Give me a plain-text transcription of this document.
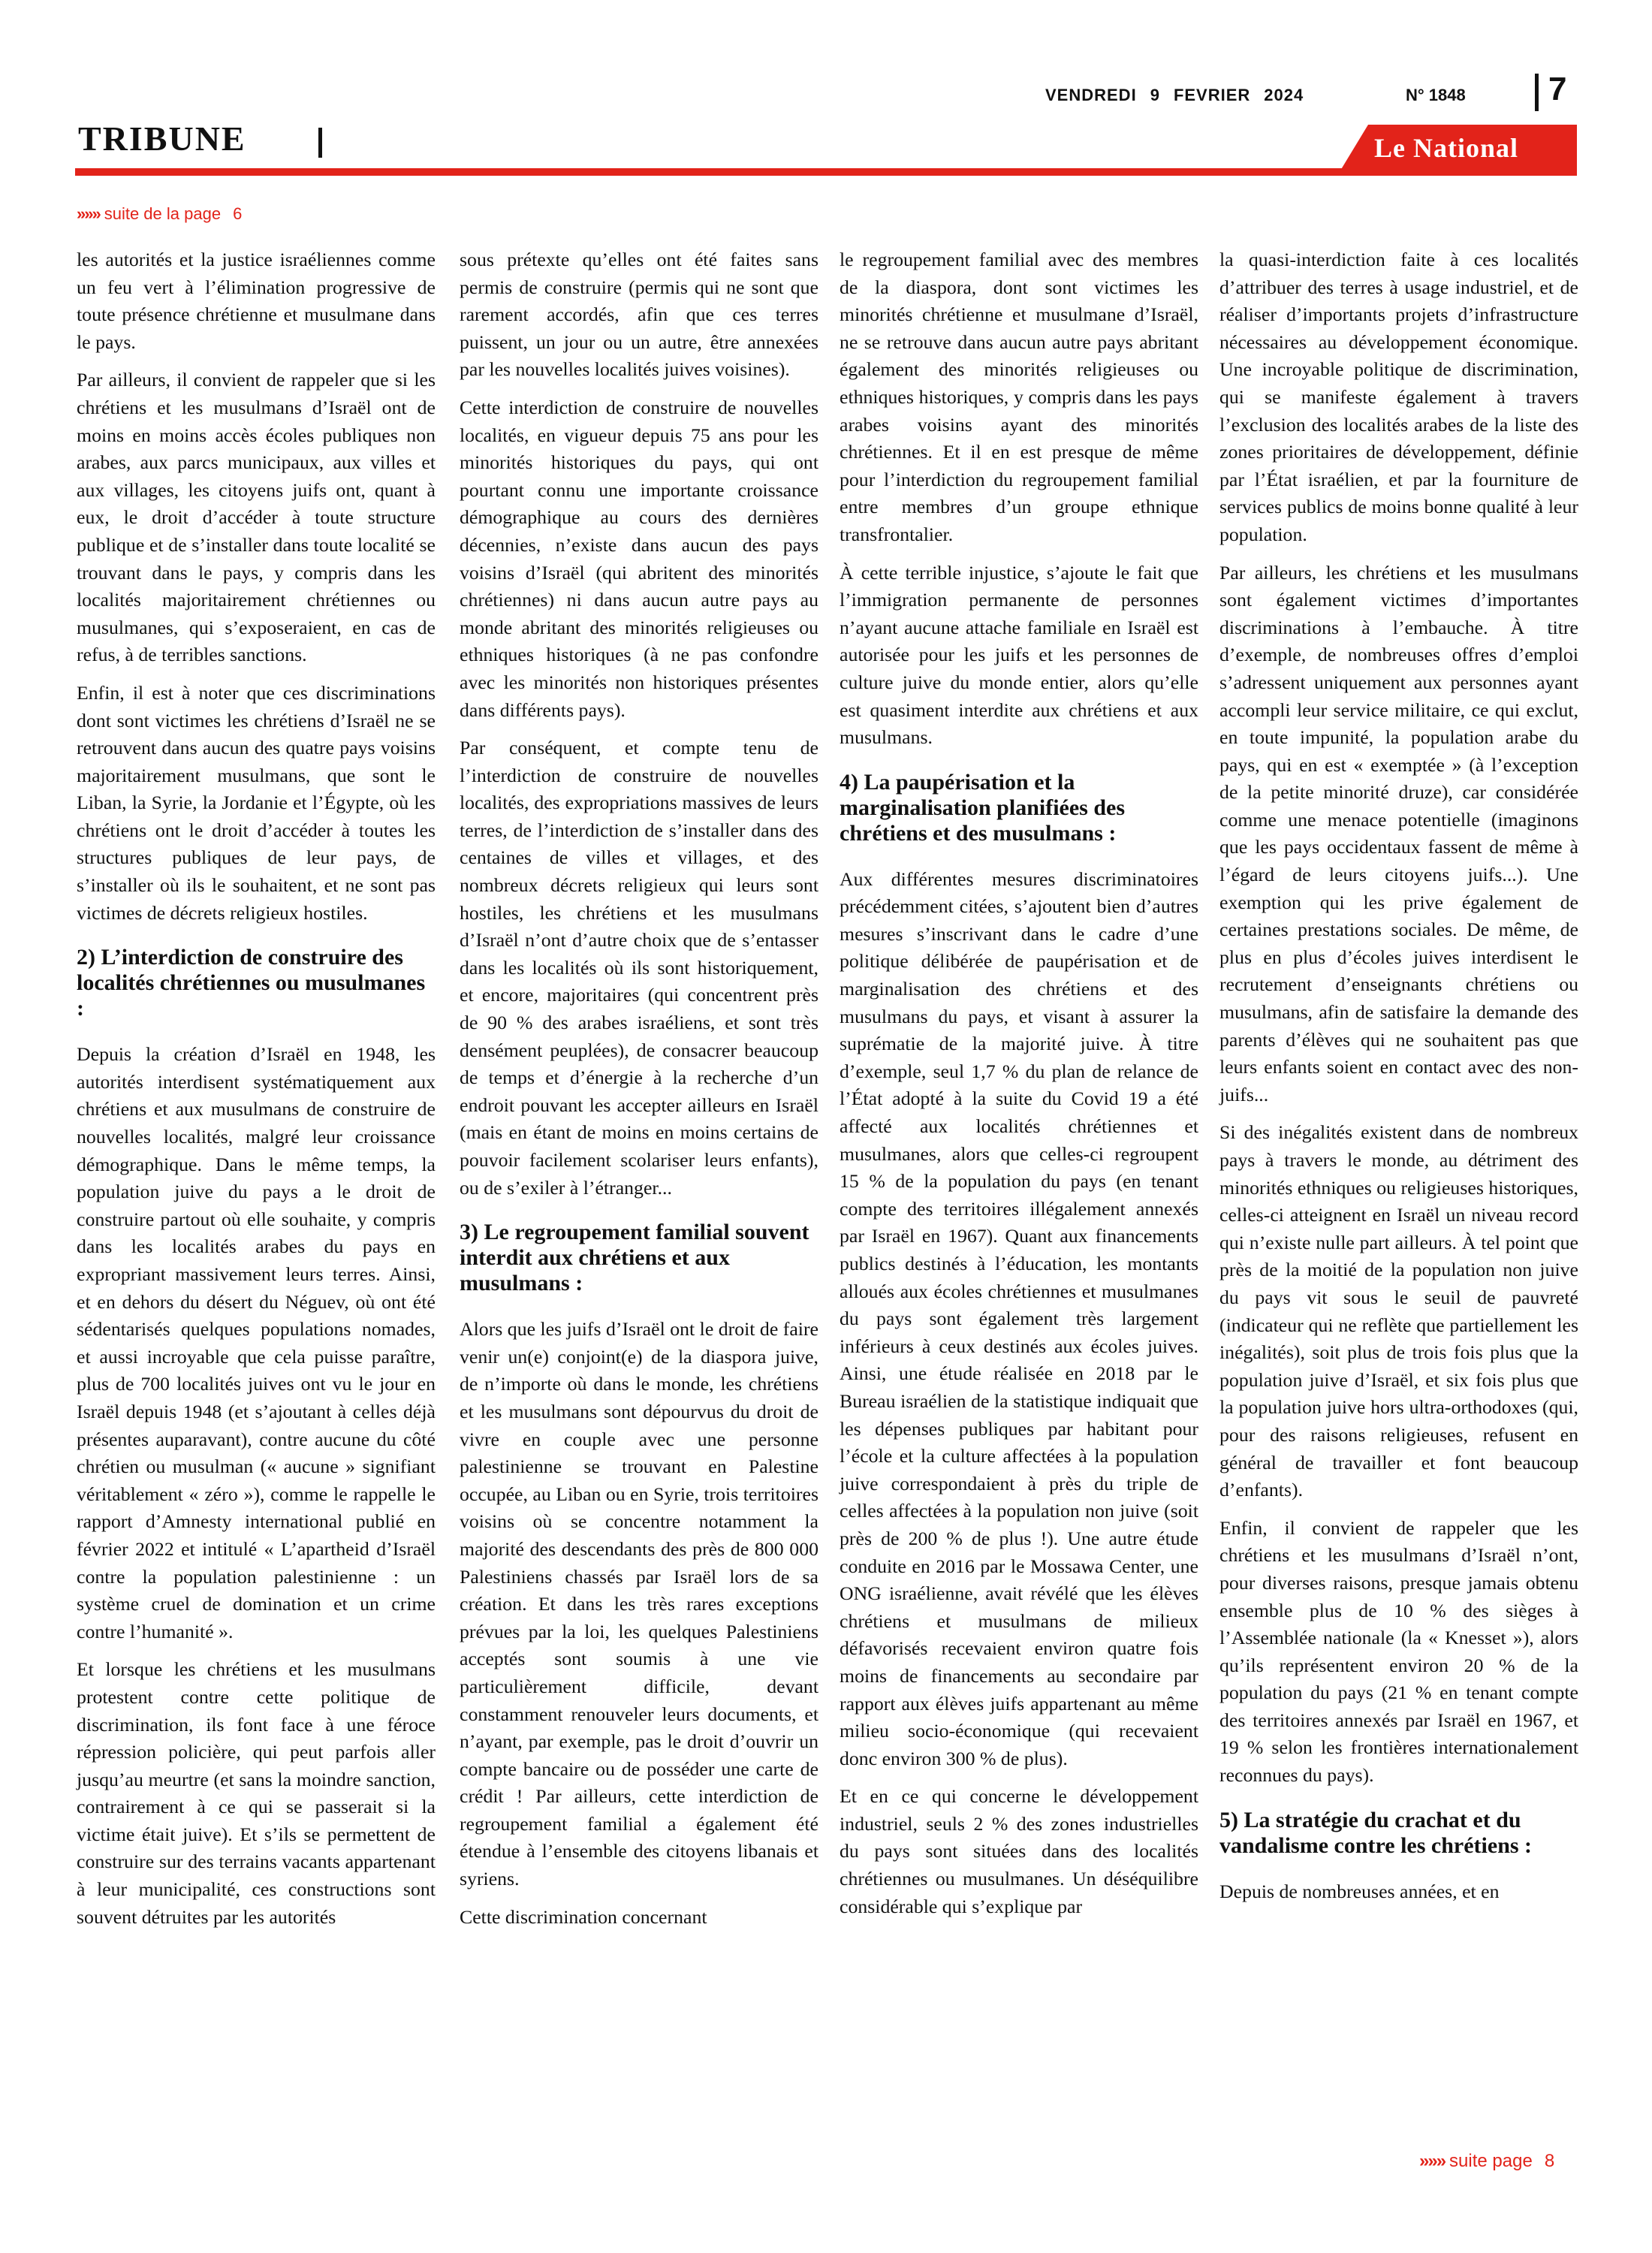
VENDREDI 9 FEVRIER 2024	N° 1848	7
TRIBUNE	Le National
»»» suite de la page 6

les autorités et la justice israéliennes comme un feu vert à l’élimination progressive de toute présence chrétienne et musulmane dans le pays.

Par ailleurs, il convient de rappeler que si les chrétiens et les musulmans d’Israël ont de moins en moins accès écoles publiques non arabes, aux parcs municipaux, aux villes et aux villages, les citoyens juifs ont, quant à eux, le droit d’accéder à toute structure publique et de s’installer dans toute localité se trouvant dans le pays, y compris dans les localités majoritairement chrétiennes ou musulmanes, qui s’exposeraient, en cas de refus, à de terribles sanctions.

Enfin, il est à noter que ces discriminations dont sont victimes les chrétiens d’Israël ne se retrouvent dans aucun des quatre pays voisins majoritairement musulmans, que sont le Liban, la Syrie, la Jordanie et l’Égypte, où les chrétiens ont le droit d’accéder à toutes les structures publiques de leur pays, de s’installer où ils le souhaitent, et ne sont pas victimes de décrets religieux hostiles.

2) L’interdiction de construire des localités chrétiennes ou musulmanes :

Depuis la création d’Israël en 1948, les autorités interdisent systématiquement aux chrétiens et aux musulmans de construire de nouvelles localités, malgré leur croissance démographique. Dans le même temps, la population juive du pays a le droit de construire partout où elle souhaite, y compris dans les localités arabes du pays en expropriant massivement leurs terres. Ainsi, et en dehors du désert du Néguev, où ont été sédentarisés quelques populations nomades, et aussi incroyable que cela puisse paraître, plus de 700 localités juives ont vu le jour en Israël depuis 1948 (et s’ajoutant à celles déjà présentes auparavant), contre aucune du côté chrétien ou musulman (« aucune » signifiant véritablement « zéro »), comme le rappelle le rapport d’Amnesty international publié en février 2022 et intitulé « L’apartheid d’Israël contre la population palestinienne : un système cruel de domination et un crime contre l’humanité ».

Et lorsque les chrétiens et les musulmans protestent contre cette politique de discrimination, ils font face à une féroce répression policière, qui peut parfois aller jusqu’au meurtre (et sans la moindre sanction, contrairement à ce qui se passerait si la victime était juive). Et s’ils se permettent de construire sur des terrains vacants appartenant à leur municipalité, ces constructions sont souvent détruites par les autorités

sous prétexte qu’elles ont été faites sans permis de construire (permis qui ne sont que rarement accordés, afin que ces terres puissent, un jour ou un autre, être annexées par les nouvelles localités juives voisines).

Cette interdiction de construire de nouvelles localités, en vigueur depuis 75 ans pour les minorités historiques du pays, qui ont pourtant connu une importante croissance démographique au cours des dernières décennies, n’existe dans aucun des pays voisins d’Israël (qui abritent des minorités chrétiennes) ni dans aucun autre pays au monde abritant des minorités religieuses ou ethniques historiques (à ne pas confondre avec les minorités non historiques présentes dans différents pays).

Par conséquent, et compte tenu de l’interdiction de construire de nouvelles localités, des expropriations massives de leurs terres, de l’interdiction de s’installer dans des centaines de villes et villages, et des nombreux décrets religieux qui leurs sont hostiles, les chrétiens et les musulmans d’Israël n’ont d’autre choix que de s’entasser dans les localités où ils sont historiquement, et encore, majoritaires (qui concentrent près de 90 % des arabes israéliens, et sont très densément peuplées), de consacrer beaucoup de temps et d’énergie à la recherche d’un endroit pouvant les accepter ailleurs en Israël (mais en étant de moins en moins certains de pouvoir facilement scolariser leurs enfants), ou de s’exiler à l’étranger...

3) Le regroupement familial souvent interdit aux chrétiens et aux musulmans :

Alors que les juifs d’Israël ont le droit de faire venir un(e) conjoint(e) de la diaspora juive, de n’importe où dans le monde, les chrétiens et les musulmans sont dépourvus du droit de vivre en couple avec une personne palestinienne se trouvant en Palestine occupée, au Liban ou en Syrie, trois territoires voisins où se concentre notamment la majorité des descendants des près de 800 000 Palestiniens chassés par Israël lors de sa création. Et dans les très rares exceptions prévues par la loi, les quelques Palestiniens acceptés sont soumis à une vie particulièrement difficile, devant constamment renouveler leurs documents, et n’ayant, par exemple, pas le droit d’ouvrir un compte bancaire ou de posséder une carte de crédit ! Par ailleurs, cette interdiction de regroupement familial a également été étendue à l’ensemble des citoyens libanais et syriens.

Cette discrimination concernant

le regroupement familial avec des membres de la diaspora, dont sont victimes les minorités chrétienne et musulmane d’Israël, ne se retrouve dans aucun autre pays abritant également des minorités religieuses ou ethniques historiques, y compris dans les pays arabes voisins ayant des minorités chrétiennes. Et il en est presque de même pour l’interdiction du regroupement familial entre membres d’un groupe ethnique transfrontalier.

À cette terrible injustice, s’ajoute le fait que l’immigration permanente de personnes n’ayant aucune attache familiale en Israël est autorisée pour les juifs et les personnes de culture juive du monde entier, alors qu’elle est quasiment interdite aux chrétiens et aux musulmans.

4) La paupérisation et la marginalisation planifiées des chrétiens et des musulmans :

Aux différentes mesures discriminatoires précédemment citées, s’ajoutent bien d’autres mesures s’inscrivant dans le cadre d’une politique délibérée de paupérisation et de marginalisation des chrétiens et des musulmans du pays, et visant à assurer la suprématie de la majorité juive. À titre d’exemple, seul 1,7 % du plan de relance de l’État adopté à la suite du Covid 19 a été affecté aux localités chrétiennes et musulmanes, alors que celles-ci regroupent 15 % de la population du pays (en tenant compte des territoires illégalement annexés par Israël en 1967). Quant aux financements publics destinés à l’éducation, les montants alloués aux écoles chrétiennes et musulmanes du pays sont également très largement inférieurs à ceux destinés aux écoles juives. Ainsi, une étude réalisée en 2018 par le Bureau israélien de la statistique indiquait que les dépenses publiques par habitant pour l’école et la culture affectées à la population juive correspondaient à près du triple de celles affectées à la population non juive (soit près de 200 % de plus !). Une autre étude conduite en 2016 par le Mossawa Center, une ONG israélienne, avait révélé que les élèves chrétiens et musulmans de milieux défavorisés recevaient environ quatre fois moins de financements au secondaire par rapport aux élèves juifs appartenant au même milieu socio-économique (qui recevaient donc environ 300 % de plus).

Et en ce qui concerne le développement industriel, seuls 2 % des zones industrielles du pays sont situées dans des localités chrétiennes ou musulmanes. Un déséquilibre considérable qui s’explique par

la quasi-interdiction faite à ces localités d’attribuer des terres à usage industriel, et de réaliser d’importants projets d’infrastructure nécessaires au développement économique. Une incroyable politique de discrimination, qui se manifeste également à travers l’exclusion des localités arabes de la liste des zones prioritaires de développement, définie par l’État israélien, et par la fourniture de services publics de moins bonne qualité à leur population.

Par ailleurs, les chrétiens et les musulmans sont également victimes d’importantes discriminations à l’embauche. À titre d’exemple, de nombreuses offres d’emploi s’adressent uniquement aux personnes ayant accompli leur service militaire, ce qui exclut, en toute impunité, la population arabe du pays, qui en est « exemptée » (à l’exception de la petite minorité druze), car considérée comme une menace potentielle (imaginons que les pays occidentaux fassent de même à l’égard de leurs citoyens juifs...). Une exemption qui les prive également de certaines prestations sociales. De même, de plus en plus d’écoles juives interdisent le recrutement d’enseignants chrétiens ou musulmans, afin de satisfaire la demande des parents d’élèves qui ne souhaitent pas que leurs enfants soient en contact avec des non-juifs...

Si des inégalités existent dans de nombreux pays à travers le monde, au détriment des minorités ethniques ou religieuses historiques, celles-ci atteignent en Israël un niveau record qui n’existe nulle part ailleurs. À tel point que près de la moitié de la population non juive du pays vit sous le seuil de pauvreté (indicateur qui ne reflète que partiellement les inégalités), soit plus de trois fois plus que la population juive d’Israël, et six fois plus que la population juive hors ultra-orthodoxes (qui, pour des raisons religieuses, refusent en général de travailler et font beaucoup d’enfants).

Enfin, il convient de rappeler que les chrétiens et les musulmans d’Israël n’ont, pour diverses raisons, presque jamais obtenu ensemble plus de 10 % des sièges à l’Assemblée nationale (la « Knesset »), alors qu’ils représentent environ 20 % de la population du pays (21 % en tenant compte des territoires annexés par Israël en 1967, et 19 % selon les frontières internationalement reconnues du pays).

5) La stratégie du crachat et du vandalisme contre les chrétiens :

Depuis de nombreuses années, et en

»»» suite page 8
